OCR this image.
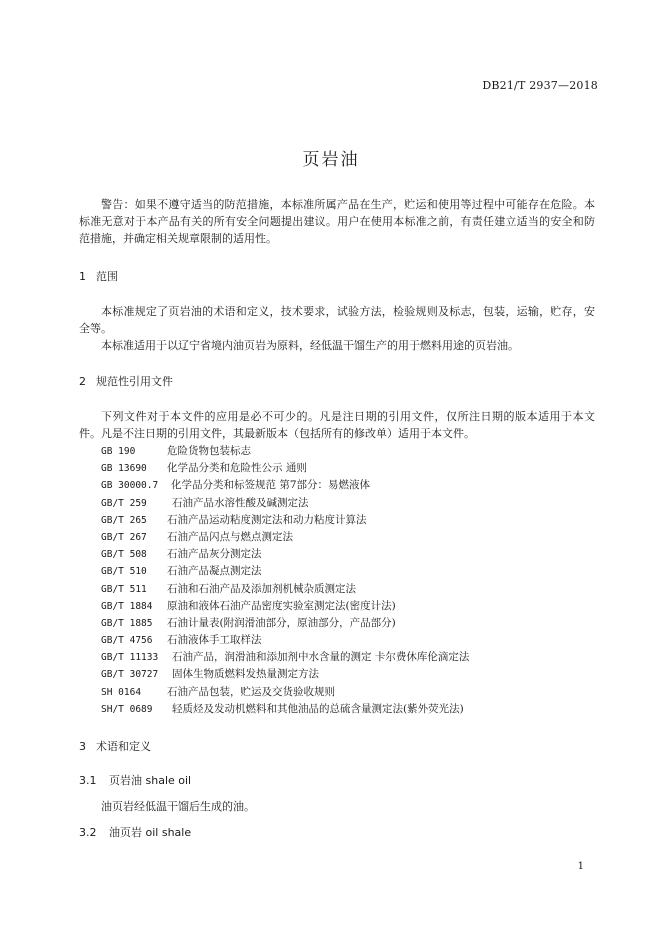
DB21/T 2937—2018
页岩油

警告：如果不遵守适当的防范措施，本标准所属产品在生产，贮运和使用等过程中可能存在危险。本标准无意对于本产品有关的所有安全问题提出建议。用户在使用本标准之前，有责任建立适当的安全和防范措施，并确定相关规章限制的适用性。

1 范围

本标准规定了页岩油的术语和定义，技术要求，试验方法，检验规则及标志，包装，运输，贮存，安全等。

本标准适用于以辽宁省境内油页岩为原料，经低温干馏生产的用于燃料用途的页岩油。

2 规范性引用文件

下列文件对于本文件的应用是必不可少的。凡是注日期的引用文件，仅所注日期的版本适用于本文件。凡是不注日期的引用文件，其最新版本（包括所有的修改单）适用于本文件。

GB 190	危险货物包装标志
GB 13690 化学品分类和危险性公示 通则
GB 30000.7 化学品分类和标签规范 第7部分：易燃液体
GB/T 259 石油产品水溶性酸及碱测定法
GB/T 265 石油产品运动粘度测定法和动力粘度计算法
GB/T 267 石油产品闪点与燃点测定法
GB/T 508 石油产品灰分测定法
GB/T 510 石油产品凝点测定法
GB/T 511 石油和石油产品及添加剂机械杂质测定法
GB/T 1884 原油和液体石油产品密度实验室测定法(密度计法)
GB/T 1885 石油计量表(附润滑油部分，原油部分，产品部分)
GB/T 4756 石油液体手工取样法
GB/T 11133 石油产品，润滑油和添加剂中水含量的测定 卡尔费休库伦滴定法
GB/T 30727 固体生物质燃料发热量测定方法
SH 0164 石油产品包装，贮运及交货验收规则
SH/T 0689 轻质烃及发动机燃料和其他油品的总硫含量测定法(紫外荧光法)
3 术语和定义
3.1 页岩油 shale oil
油页岩经低温干馏后生成的油。
3.2 油页岩 oil shale
1
